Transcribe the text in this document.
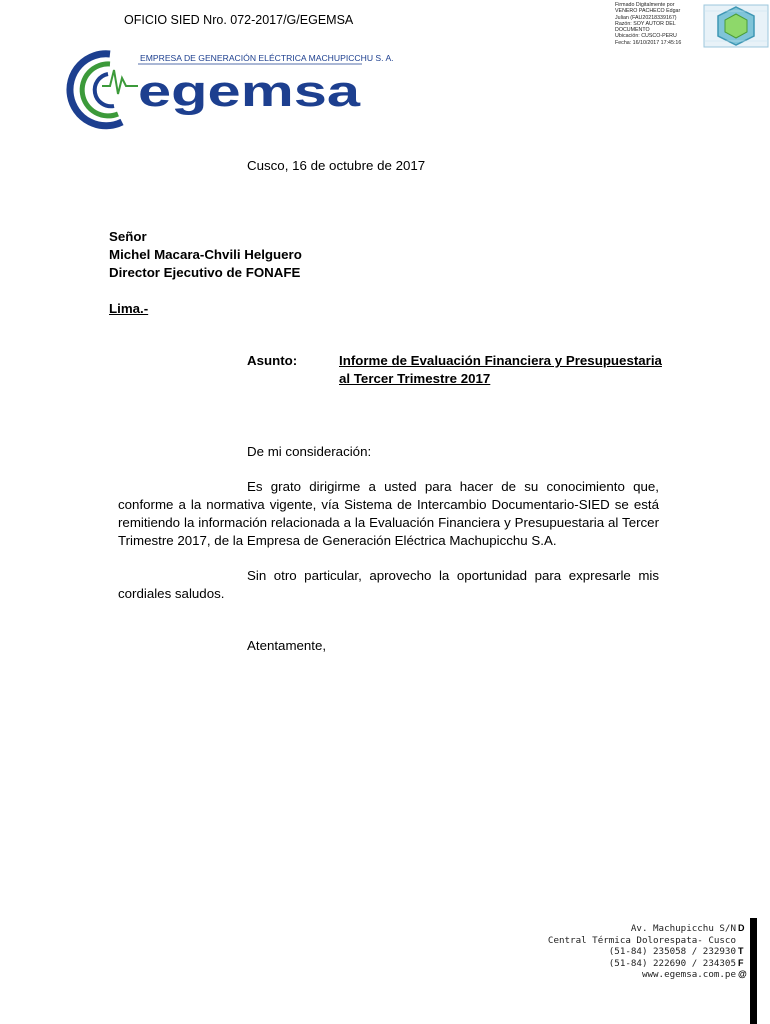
OFICIO SIED Nro. 072-2017/G/EGEMSA
Firmado Digitalmente por
VENERO PACHECO Edgar
Julian (FAU20218339167)
Razón: SOY AUTOR DEL
DOCUMENTO
Ubicación: CUSCO-PERU
Fecha: 16/10/2017 17:45:16
EMPRESA DE GENERACIÓN ELÉCTRICA MACHUPICCHU S. A.
egemsa
Cusco, 16 de octubre de 2017
Señor
Michel Macara-Chvili Helguero
Director Ejecutivo de FONAFE
Lima.-
Asunto:	Informe de Evaluación Financiera y Presupuestaria
al Tercer Trimestre 2017
De mi consideración:
Es grato dirigirme a usted para hacer de su conocimiento que, conforme a la normativa vigente, vía Sistema de Intercambio Documentario-SIED se está remitiendo la información relacionada a la Evaluación Financiera y Presupuestaria al Tercer Trimestre 2017, de la Empresa de Generación Eléctrica Machupicchu S.A.
Sin otro particular, aprovecho la oportunidad para expresarle mis cordiales saludos.
Atentamente,
Av. Machupicchu S/N
Central Térmica Dolorespata- Cusco
(51-84) 235058 / 232930
(51-84) 222690 / 234305
www.egemsa.com.pe
D

T
F
@
